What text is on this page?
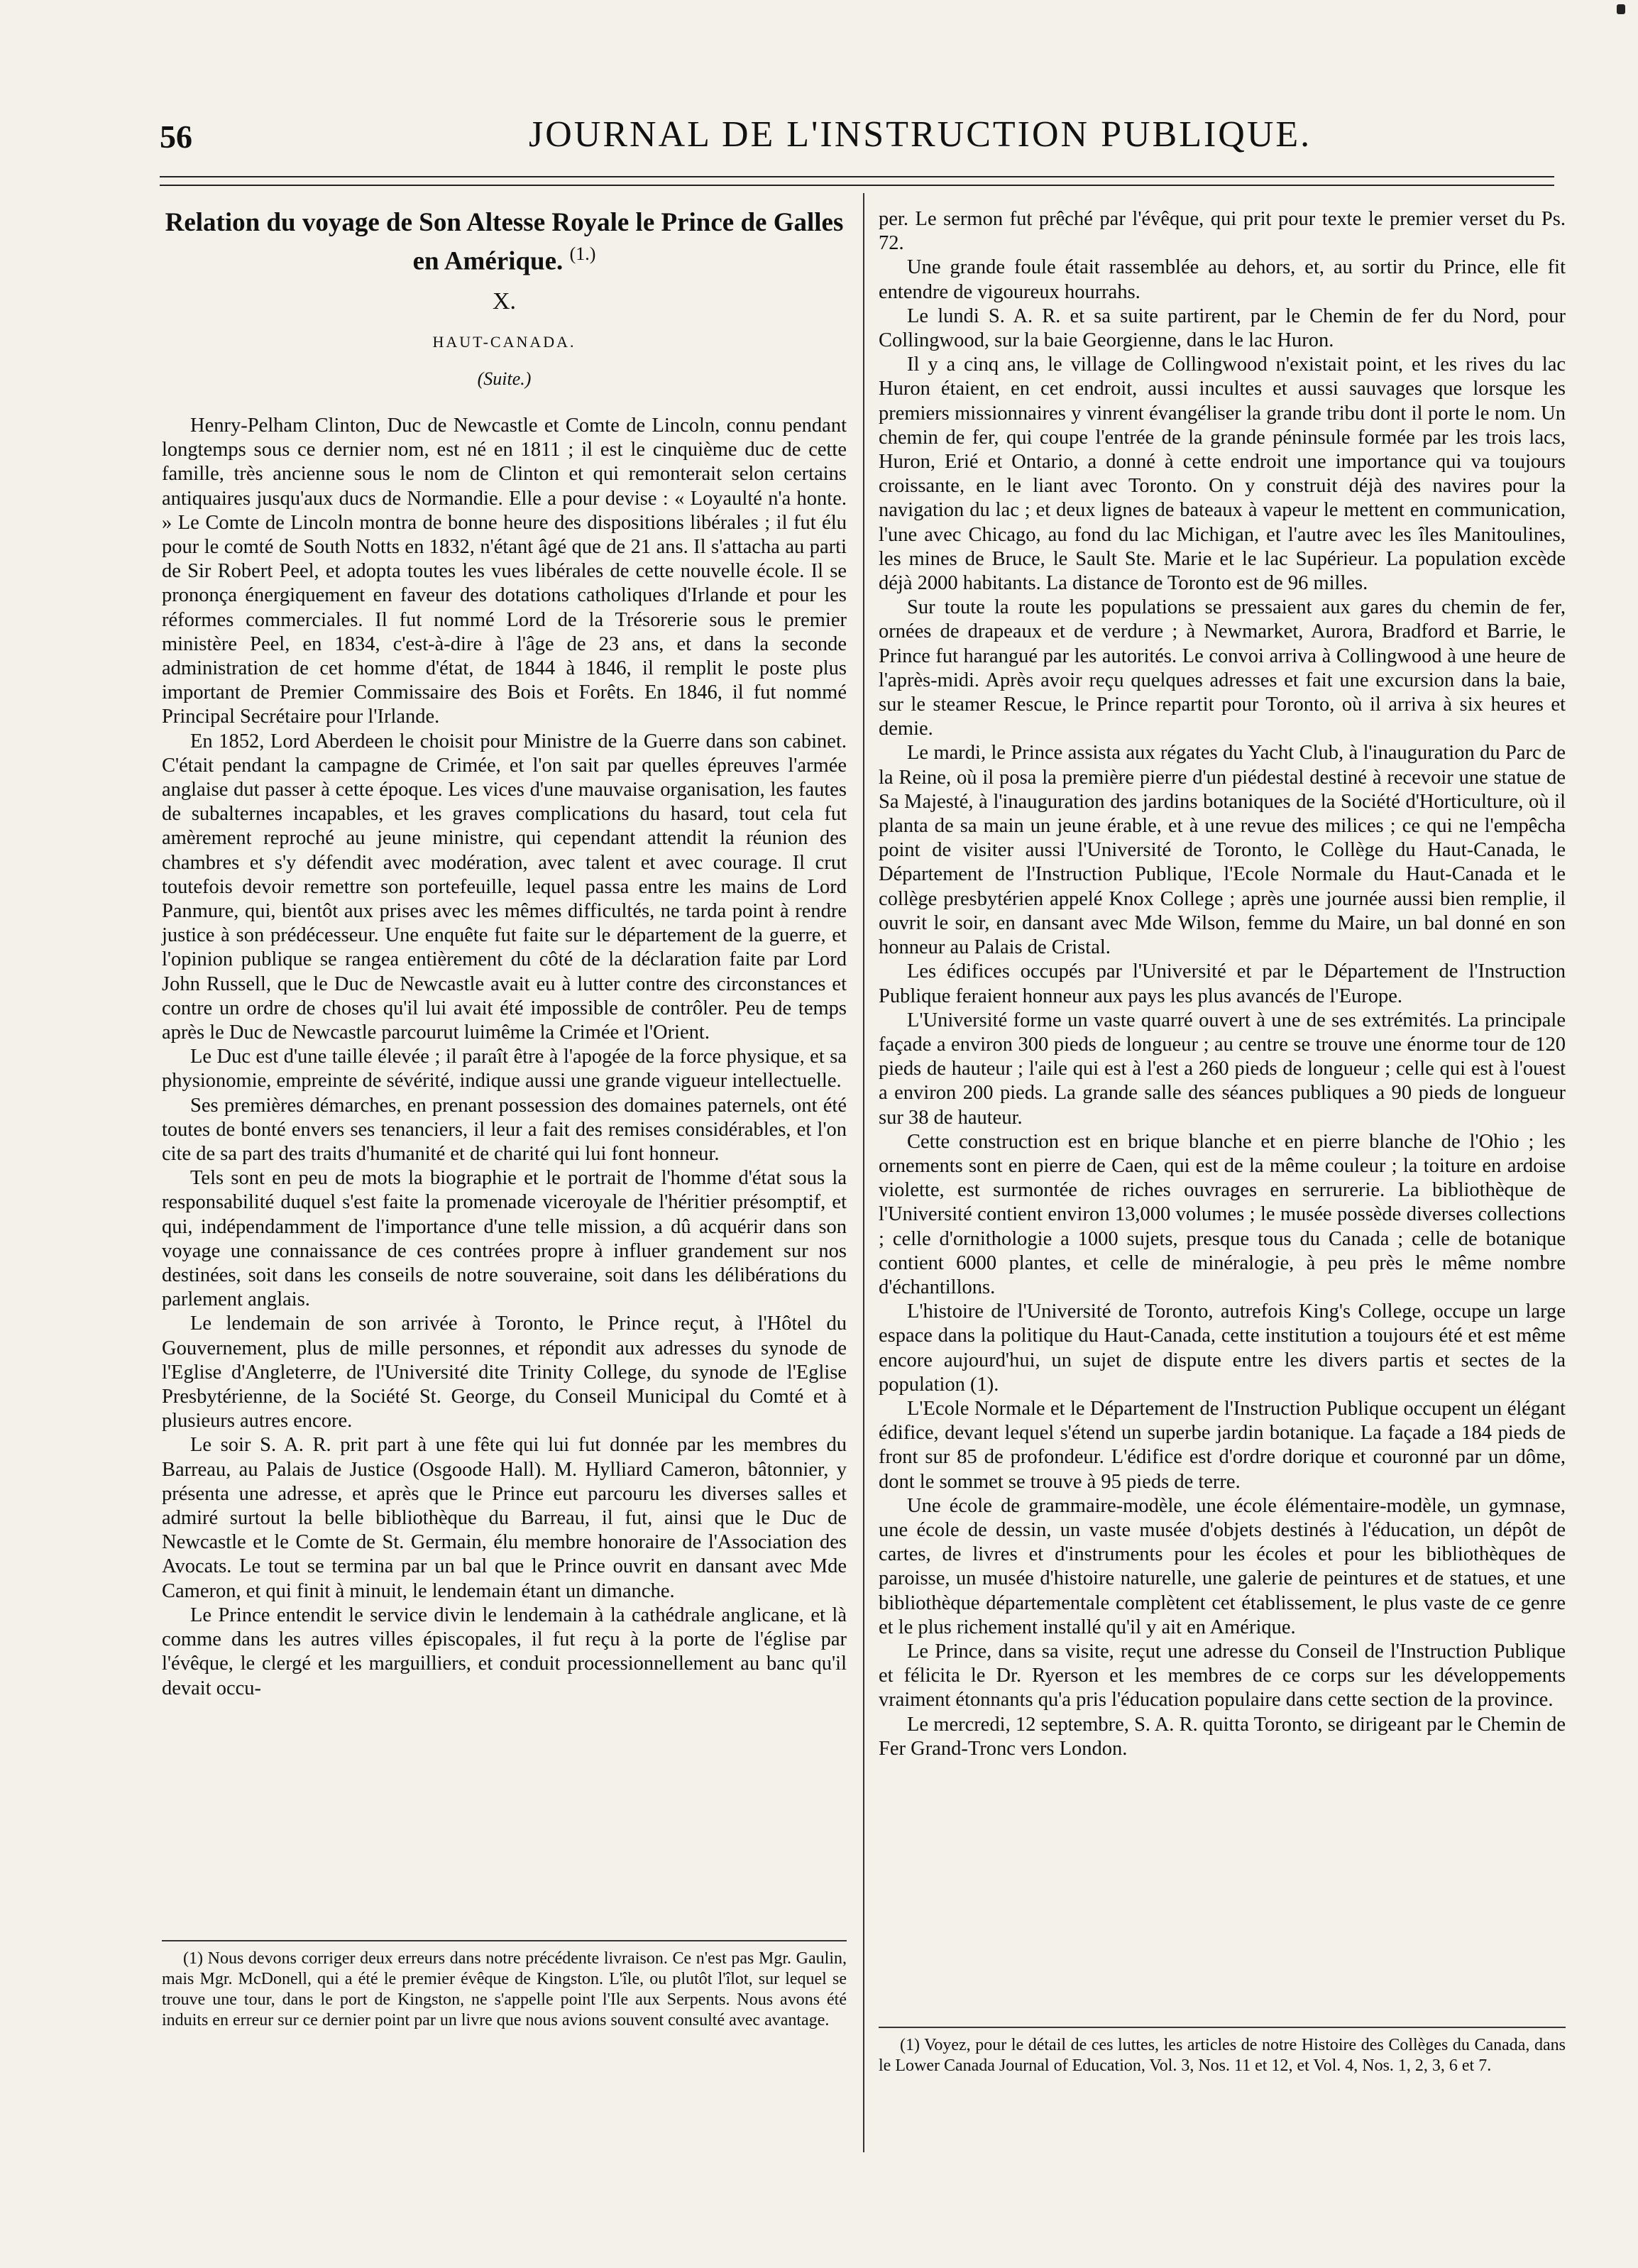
56	JOURNAL DE L'INSTRUCTION PUBLIQUE.
Relation du voyage de Son Altesse Royale le Prince de Galles en Amérique. $^{(1.)}$
X.
HAUT-CANADA.
(Suite.)

Henry-Pelham Clinton, Duc de Newcastle et Comte de Lincoln, connu pendant longtemps sous ce dernier nom, est né en 1811 ; il est le cinquième duc de cette famille, très ancienne sous le nom de Clinton et qui remonterait selon certains antiquaires jusqu'aux ducs de Normandie. Elle a pour devise : « Loyaulté n'a honte. » Le Comte de Lincoln montra de bonne heure des dispositions libérales ; il fut élu pour le comté de South Notts en 1832, n'étant âgé que de 21 ans. Il s'attacha au parti de Sir Robert Peel, et adopta toutes les vues libérales de cette nouvelle école. Il se prononça énergiquement en faveur des dotations catholiques d'Irlande et pour les réformes commerciales. Il fut nommé Lord de la Trésorerie sous le premier ministère Peel, en 1834, c'est-à-dire à l'âge de 23 ans, et dans la seconde administration de cet homme d'état, de 1844 à 1846, il remplit le poste plus important de Premier Commissaire des Bois et Forêts. En 1846, il fut nommé Principal Secrétaire pour l'Irlande.

En 1852, Lord Aberdeen le choisit pour Ministre de la Guerre dans son cabinet. C'était pendant la campagne de Crimée, et l'on sait par quelles épreuves l'armée anglaise dut passer à cette époque. Les vices d'une mauvaise organisation, les fautes de subalternes incapables, et les graves complications du hasard, tout cela fut amèrement reproché au jeune ministre, qui cependant attendit la réunion des chambres et s'y défendit avec modération, avec talent et avec courage. Il crut toutefois devoir remettre son portefeuille, lequel passa entre les mains de Lord Panmure, qui, bientôt aux prises avec les mêmes difficultés, ne tarda point à rendre justice à son prédécesseur. Une enquête fut faite sur le département de la guerre, et l'opinion publique se rangea entièrement du côté de la déclaration faite par Lord John Russell, que le Duc de Newcastle avait eu à lutter contre des circonstances et contre un ordre de choses qu'il lui avait été impossible de contrôler. Peu de temps après le Duc de Newcastle parcourut luimême la Crimée et l'Orient.

Le Duc est d'une taille élevée ; il paraît être à l'apogée de la force physique, et sa physionomie, empreinte de sévérité, indique aussi une grande vigueur intellectuelle.

Ses premières démarches, en prenant possession des domaines paternels, ont été toutes de bonté envers ses tenanciers, il leur a fait des remises considérables, et l'on cite de sa part des traits d'humanité et de charité qui lui font honneur.

Tels sont en peu de mots la biographie et le portrait de l'homme d'état sous la responsabilité duquel s'est faite la promenade viceroyale de l'héritier présomptif, et qui, indépendamment de l'importance d'une telle mission, a dû acquérir dans son voyage une connaissance de ces contrées propre à influer grandement sur nos destinées, soit dans les conseils de notre souveraine, soit dans les délibérations du parlement anglais.

Le lendemain de son arrivée à Toronto, le Prince reçut, à l'Hôtel du Gouvernement, plus de mille personnes, et répondit aux adresses du synode de l'Eglise d'Angleterre, de l'Université dite Trinity College, du synode de l'Eglise Presbytérienne, de la Société St. George, du Conseil Municipal du Comté et à plusieurs autres encore.

Le soir S. A. R. prit part à une fête qui lui fut donnée par les membres du Barreau, au Palais de Justice (Osgoode Hall). M. Hylliard Cameron, bâtonnier, y présenta une adresse, et après que le Prince eut parcouru les diverses salles et admiré surtout la belle bibliothèque du Barreau, il fut, ainsi que le Duc de Newcastle et le Comte de St. Germain, élu membre honoraire de l'Association des Avocats. Le tout se termina par un bal que le Prince ouvrit en dansant avec Mde Cameron, et qui finit à minuit, le lendemain étant un dimanche.

Le Prince entendit le service divin le lendemain à la cathédrale anglicane, et là comme dans les autres villes épiscopales, il fut reçu à la porte de l'église par l'évêque, le clergé et les marguilliers, et conduit processionnellement au banc qu'il devait occu-

per. Le sermon fut prêché par l'évêque, qui prit pour texte le premier verset du Ps. 72.

Une grande foule était rassemblée au dehors, et, au sortir du Prince, elle fit entendre de vigoureux hourrahs.

Le lundi S. A. R. et sa suite partirent, par le Chemin de fer du Nord, pour Collingwood, sur la baie Georgienne, dans le lac Huron.

Il y a cinq ans, le village de Collingwood n'existait point, et les rives du lac Huron étaient, en cet endroit, aussi incultes et aussi sauvages que lorsque les premiers missionnaires y vinrent évangéliser la grande tribu dont il porte le nom. Un chemin de fer, qui coupe l'entrée de la grande péninsule formée par les trois lacs, Huron, Erié et Ontario, a donné à cette endroit une importance qui va toujours croissante, en le liant avec Toronto. On y construit déjà des navires pour la navigation du lac ; et deux lignes de bateaux à vapeur le mettent en communication, l'une avec Chicago, au fond du lac Michigan, et l'autre avec les îles Manitoulines, les mines de Bruce, le Sault Ste. Marie et le lac Supérieur. La population excède déjà 2000 habitants. La distance de Toronto est de 96 milles.

Sur toute la route les populations se pressaient aux gares du chemin de fer, ornées de drapeaux et de verdure ; à Newmarket, Aurora, Bradford et Barrie, le Prince fut harangué par les autorités. Le convoi arriva à Collingwood à une heure de l'après-midi. Après avoir reçu quelques adresses et fait une excursion dans la baie, sur le steamer Rescue, le Prince repartit pour Toronto, où il arriva à six heures et demie.

Le mardi, le Prince assista aux régates du Yacht Club, à l'inauguration du Parc de la Reine, où il posa la première pierre d'un piédestal destiné à recevoir une statue de Sa Majesté, à l'inauguration des jardins botaniques de la Société d'Horticulture, où il planta de sa main un jeune érable, et à une revue des milices ; ce qui ne l'empêcha point de visiter aussi l'Université de Toronto, le Collège du Haut-Canada, le Département de l'Instruction Publique, l'Ecole Normale du Haut-Canada et le collège presbytérien appelé Knox College ; après une journée aussi bien remplie, il ouvrit le soir, en dansant avec Mde Wilson, femme du Maire, un bal donné en son honneur au Palais de Cristal.

Les édifices occupés par l'Université et par le Département de l'Instruction Publique feraient honneur aux pays les plus avancés de l'Europe.

L'Université forme un vaste quarré ouvert à une de ses extrémités. La principale façade a environ 300 pieds de longueur ; au centre se trouve une énorme tour de 120 pieds de hauteur ; l'aile qui est à l'est a 260 pieds de longueur ; celle qui est à l'ouest a environ 200 pieds. La grande salle des séances publiques a 90 pieds de longueur sur 38 de hauteur.

Cette construction est en brique blanche et en pierre blanche de l'Ohio ; les ornements sont en pierre de Caen, qui est de la même couleur ; la toiture en ardoise violette, est surmontée de riches ouvrages en serrurerie. La bibliothèque de l'Université contient environ 13,000 volumes ; le musée possède diverses collections ; celle d'ornithologie a 1000 sujets, presque tous du Canada ; celle de botanique contient 6000 plantes, et celle de minéralogie, à peu près le même nombre d'échantillons.

L'histoire de l'Université de Toronto, autrefois King's College, occupe un large espace dans la politique du Haut-Canada, cette institution a toujours été et est même encore aujourd'hui, un sujet de dispute entre les divers partis et sectes de la population (1).

L'Ecole Normale et le Département de l'Instruction Publique occupent un élégant édifice, devant lequel s'étend un superbe jardin botanique. La façade a 184 pieds de front sur 85 de profondeur. L'édifice est d'ordre dorique et couronné par un dôme, dont le sommet se trouve à 95 pieds de terre.

Une école de grammaire-modèle, une école élémentaire-modèle, un gymnase, une école de dessin, un vaste musée d'objets destinés à l'éducation, un dépôt de cartes, de livres et d'instruments pour les écoles et pour les bibliothèques de paroisse, un musée d'histoire naturelle, une galerie de peintures et de statues, et une bibliothèque départementale complètent cet établissement, le plus vaste de ce genre et le plus richement installé qu'il y ait en Amérique.

Le Prince, dans sa visite, reçut une adresse du Conseil de l'Instruction Publique et félicita le Dr. Ryerson et les membres de ce corps sur les développements vraiment étonnants qu'a pris l'éducation populaire dans cette section de la province.

Le mercredi, 12 septembre, S. A. R. quitta Toronto, se dirigeant par le Chemin de Fer Grand-Tronc vers London.

(1) Nous devons corriger deux erreurs dans notre précédente livraison. Ce n'est pas Mgr. Gaulin, mais Mgr. McDonell, qui a été le premier évêque de Kingston. L'île, ou plutôt l'îlot, sur lequel se trouve une tour, dans le port de Kingston, ne s'appelle point l'Ile aux Serpents. Nous avons été induits en erreur sur ce dernier point par un livre que nous avions souvent consulté avec avantage.

(1) Voyez, pour le détail de ces luttes, les articles de notre Histoire des Collèges du Canada, dans le Lower Canada Journal of Education, Vol. 3, Nos. 11 et 12, et Vol. 4, Nos. 1, 2, 3, 6 et 7.
